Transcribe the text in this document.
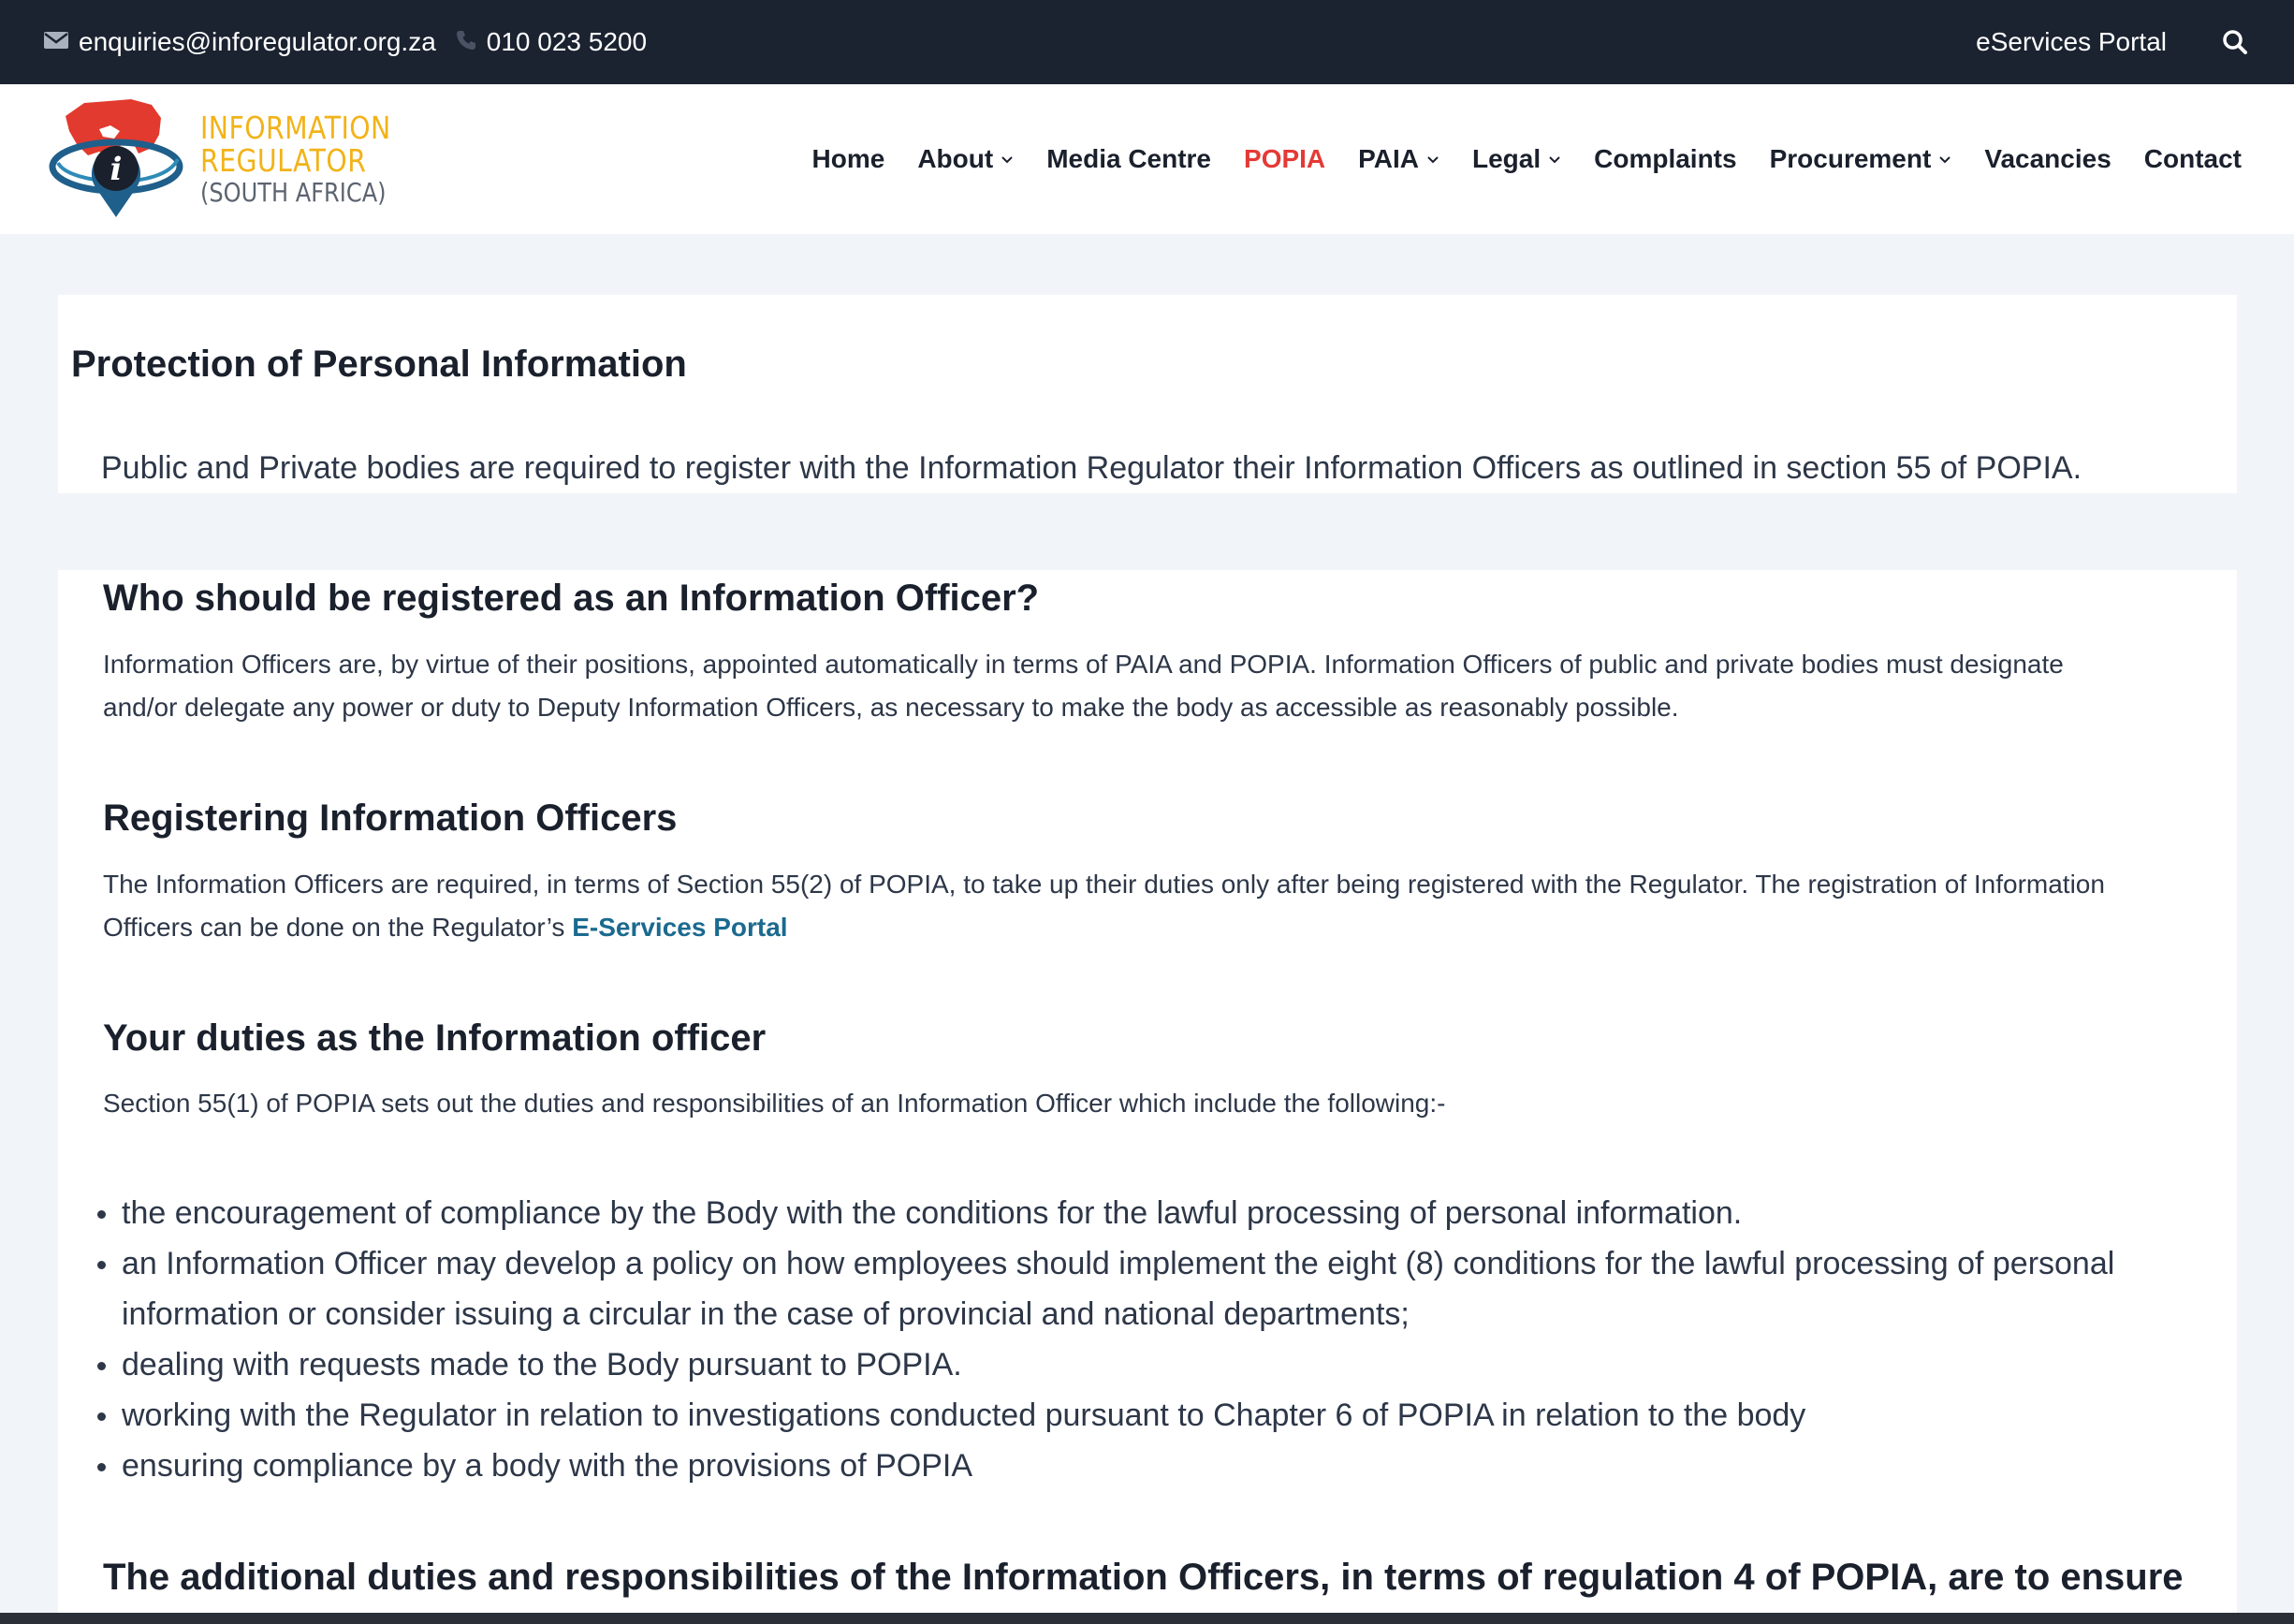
enquiries@inforegulator.org.za 010 023 5200	eServices Portal
i
INFORMATION
REGULATOR
(SOUTH AFRICA)
Home About Media Centre POPIA PAIA Legal Complaints Procurement Vacancies Contact
Protection of Personal Information

Public and Private bodies are required to register with the Information Regulator their Information Officers as outlined in section 55 of POPIA.

Who should be registered as an Information Officer?

Information Officers are, by virtue of their positions, appointed automatically in terms of PAIA and POPIA. Information Officers of public and private bodies must designate

and/or delegate any power or duty to Deputy Information Officers, as necessary to make the body as accessible as reasonably possible.

Registering Information Officers

The Information Officers are required, in terms of Section 55(2) of POPIA, to take up their duties only after being registered with the Regulator. The registration of Information

Officers can be done on the Regulator’s E-Services Portal

Your duties as the Information officer

Section 55(1) of POPIA sets out the duties and responsibilities of an Information Officer which include the following:-

the encouragement of compliance by the Body with the conditions for the lawful processing of personal information.
an Information Officer may develop a policy on how employees should implement the eight (8) conditions for the lawful processing of personal
information or consider issuing a circular in the case of provincial and national departments;
dealing with requests made to the Body pursuant to POPIA.
working with the Regulator in relation to investigations conducted pursuant to Chapter 6 of POPIA in relation to the body
ensuring compliance by a body with the provisions of POPIA
The additional duties and responsibilities of the Information Officers, in terms of regulation 4 of POPIA, are to ensure
